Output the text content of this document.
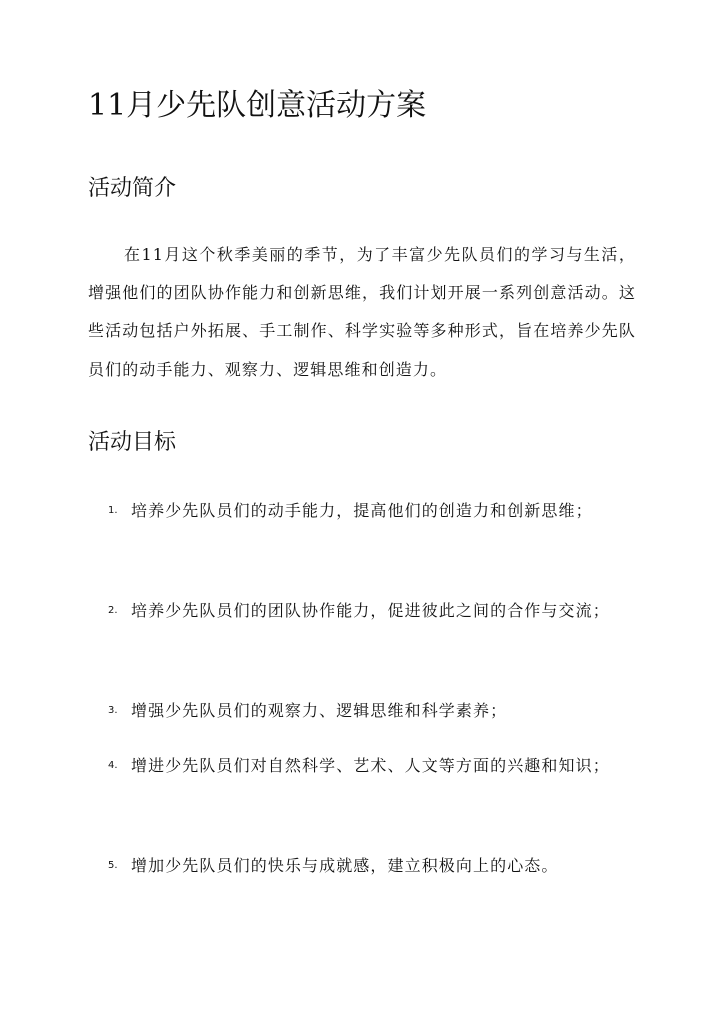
11月少先队创意活动方案
活动简介

在11月这个秋季美丽的季节，为了丰富少先队员们的学习与生活，增强他们的团队协作能力和创新思维，我们计划开展一系列创意活动。这些活动包括户外拓展、手工制作、科学实验等多种形式，旨在培养少先队员们的动手能力、观察力、逻辑思维和创造力。

活动目标
1. 培养少先队员们的动手能力，提高他们的创造力和创新思维；
2. 培养少先队员们的团队协作能力，促进彼此之间的合作与交流；
3. 增强少先队员们的观察力、逻辑思维和科学素养；
4. 增进少先队员们对自然科学、艺术、人文等方面的兴趣和知识；
5. 增加少先队员们的快乐与成就感，建立积极向上的心态。
